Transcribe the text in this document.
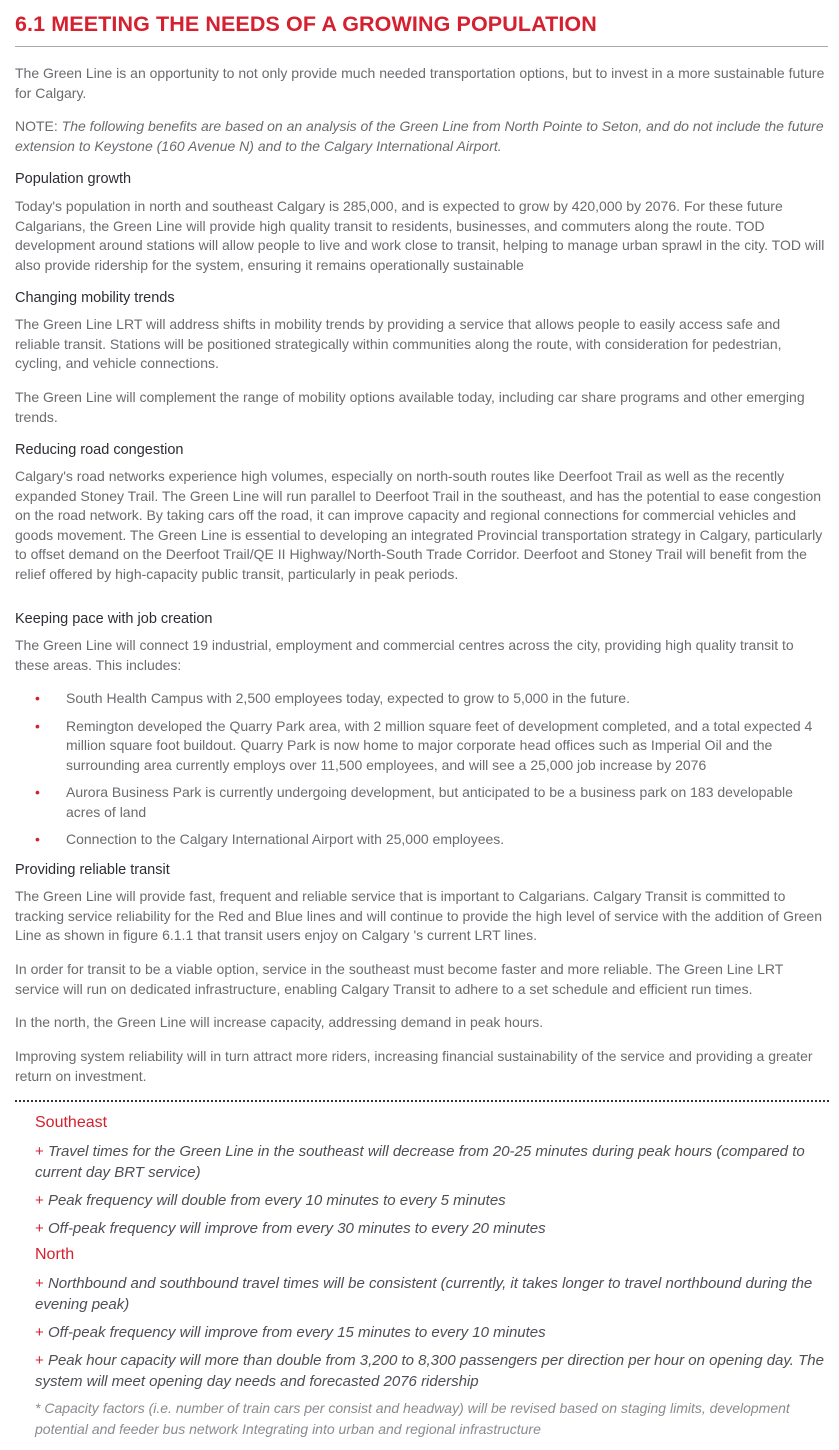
6.1 MEETING THE NEEDS OF A GROWING POPULATION

The Green Line is an opportunity to not only provide much needed transportation options, but to invest in a more sustainable future for Calgary.

NOTE: The following benefits are based on an analysis of the Green Line from North Pointe to Seton, and do not include the future extension to Keystone (160 Avenue N) and to the Calgary International Airport.

Population growth

Today's population in north and southeast Calgary is 285,000, and is expected to grow by 420,000 by 2076. For these future Calgarians, the Green Line will provide high quality transit to residents, businesses, and commuters along the route. TOD development around stations will allow people to live and work close to transit, helping to manage urban sprawl in the city. TOD will also provide ridership for the system, ensuring it remains operationally sustainable

Changing mobility trends

The Green Line LRT will address shifts in mobility trends by providing a service that allows people to easily access safe and reliable transit. Stations will be positioned strategically within communities along the route, with consideration for pedestrian, cycling, and vehicle connections.

The Green Line will complement the range of mobility options available today, including car share programs and other emerging trends.

Reducing road congestion

Calgary's road networks experience high volumes, especially on north-south routes like Deerfoot Trail as well as the recently expanded Stoney Trail. The Green Line will run parallel to Deerfoot Trail in the southeast, and has the potential to ease congestion on the road network. By taking cars off the road, it can improve capacity and regional connections for commercial vehicles and goods movement. The Green Line is essential to developing an integrated Provincial transportation strategy in Calgary, particularly to offset demand on the Deerfoot Trail/QE II Highway/North-South Trade Corridor. Deerfoot and Stoney Trail will benefit from the relief offered by high-capacity public transit, particularly in peak periods.

Keeping pace with job creation

The Green Line will connect 19 industrial, employment and commercial centres across the city, providing high quality transit to these areas. This includes:

• South Health Campus with 2,500 employees today, expected to grow to 5,000 in the future.
• Remington developed the Quarry Park area, with 2 million square feet of development completed, and a total expected 4 million square foot buildout. Quarry Park is now home to major corporate head offices such as Imperial Oil and the surrounding area currently employs over 11,500 employees, and will see a 25,000 job increase by 2076
• Aurora Business Park is currently undergoing development, but anticipated to be a business park on 183 developable acres of land
• Connection to the Calgary International Airport with 25,000 employees.
Providing reliable transit

The Green Line will provide fast, frequent and reliable service that is important to Calgarians. Calgary Transit is committed to tracking service reliability for the Red and Blue lines and will continue to provide the high level of service with the addition of Green Line as shown in figure 6.1.1 that transit users enjoy on Calgary 's current LRT lines.

In order for transit to be a viable option, service in the southeast must become faster and more reliable. The Green Line LRT service will run on dedicated infrastructure, enabling Calgary Transit to adhere to a set schedule and efficient run times.

In the north, the Green Line will increase capacity, addressing demand in peak hours.

Improving system reliability will in turn attract more riders, increasing financial sustainability of the service and providing a greater return on investment.

Southeast
+ Travel times for the Green Line in the southeast will decrease from 20-25 minutes during peak hours (compared to current day BRT service)
+ Peak frequency will double from every 10 minutes to every 5 minutes
+ Off-peak frequency will improve from every 30 minutes to every 20 minutes
North
+ Northbound and southbound travel times will be consistent (currently, it takes longer to travel northbound during the evening peak)
+ Off-peak frequency will improve from every 15 minutes to every 10 minutes
+ Peak hour capacity will more than double from 3,200 to 8,300 passengers per direction per hour on opening day. The system will meet opening day needs and forecasted 2076 ridership
* Capacity factors (i.e. number of train cars per consist and headway) will be revised based on staging limits, development potential and feeder bus network Integrating into urban and regional infrastructure
